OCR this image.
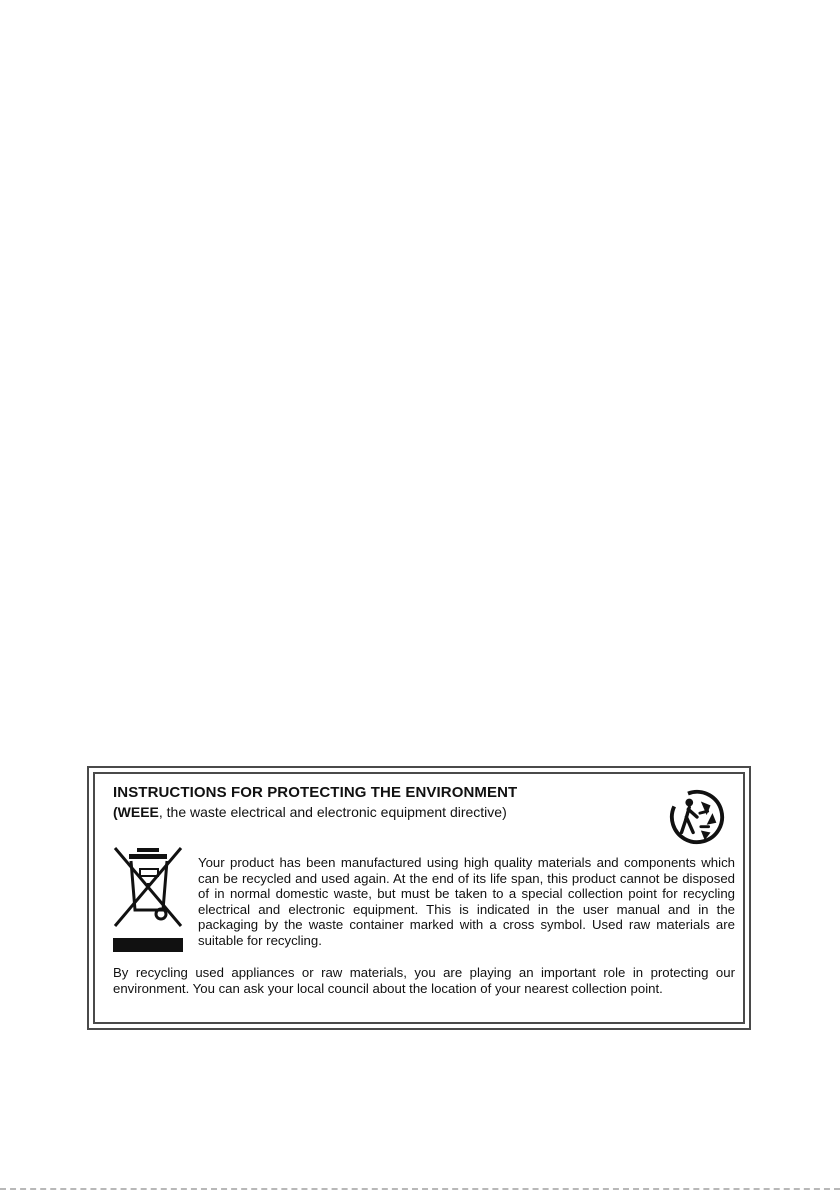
INSTRUCTIONS FOR PROTECTING THE ENVIRONMENT

(WEEE, the waste electrical and electronic equipment directive)

Your product has been manufactured using high quality materials and components which can be recycled and used again. At the end of its life span, this product cannot be disposed of in normal domestic waste, but must be taken to a special collection point for recycling electrical and electronic equipment. This is indicated in the user manual and in the packaging by the waste container marked with a cross symbol. Used raw materials are suitable for recycling.

By recycling used appliances or raw materials, you are playing an important role in protecting our environment. You can ask your local council about the location of your nearest collection point.
